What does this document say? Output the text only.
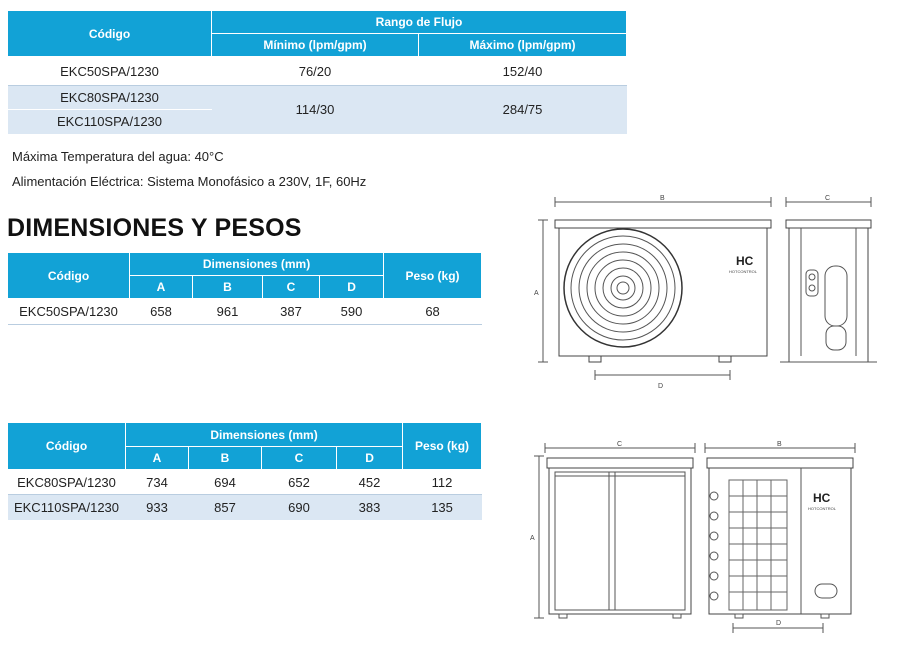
Código	Rango de Flujo	
	Mínimo (lpm/gpm)	Máximo (lpm/gpm)
EKC50SPA/1230	76/20	152/40
EKC80SPA/1230	114/30	284/75
EKC110SPA/1230		
Máxima Temperatura del agua: 40°C
Alimentación Eléctrica: Sistema Monofásico a 230V, 1F, 60Hz
DIMENSIONES Y PESOS
Código	Dimensiones (mm)				Peso (kg)
	A	B	C	D	
EKC50SPA/1230	658	961	387	590	68
Código	Dimensiones (mm)				Peso (kg)
	A	B	C	D	
EKC80SPA/1230	734	694	652	452	112
EKC110SPA/1230	933	857	690	383	135
HC
HOTCONTROL
B	C
A
D
HC
HOTCONTROL
C	B
A
D
